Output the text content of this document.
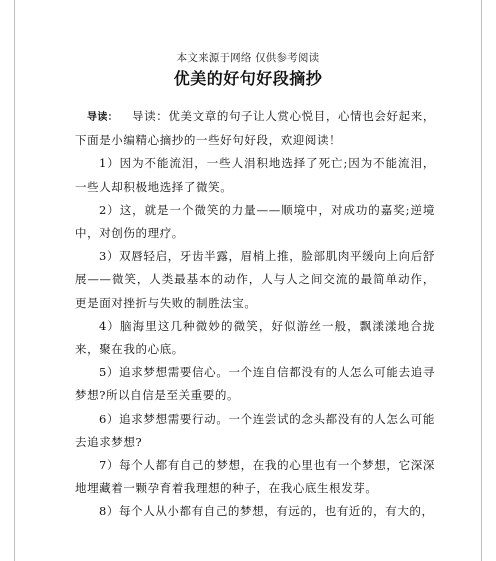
本文来源于网络 仅供参考阅读
优美的好句好段摘抄

导读： 导读：优美文章的句子让人赏心悦目，心情也会好起来，下面是小编精心摘抄的一些好句好段，欢迎阅读！

1）因为不能流泪，一些人涓积地选择了死亡;因为不能流泪，一些人却积极地选择了微笑。

2）这，就是一个微笑的力量——顺境中，对成功的嘉奖;逆境中，对创伤的理疗。

3）双唇轻启，牙齿半露，眉梢上推，脸部肌肉平缓向上向后舒展——微笑，人类最基本的动作，人与人之间交流的最简单动作，更是面对挫折与失败的制胜法宝。

4）脑海里这几种微妙的微笑，好似游丝一般，飘漾漾地合拢来，聚在我的心底。

5）追求梦想需要信心。一个连自信都没有的人怎么可能去追寻梦想?所以自信是至关重要的。

6）追求梦想需要行动。一个连尝试的念头都没有的人怎么可能去追求梦想?

7）每个人都有自己的梦想，在我的心里也有一个梦想，它深深地埋藏着一颗孕育着我理想的种子，在我心底生根发芽。

8）每个人从小都有自己的梦想，有远的，也有近的，有大的，
